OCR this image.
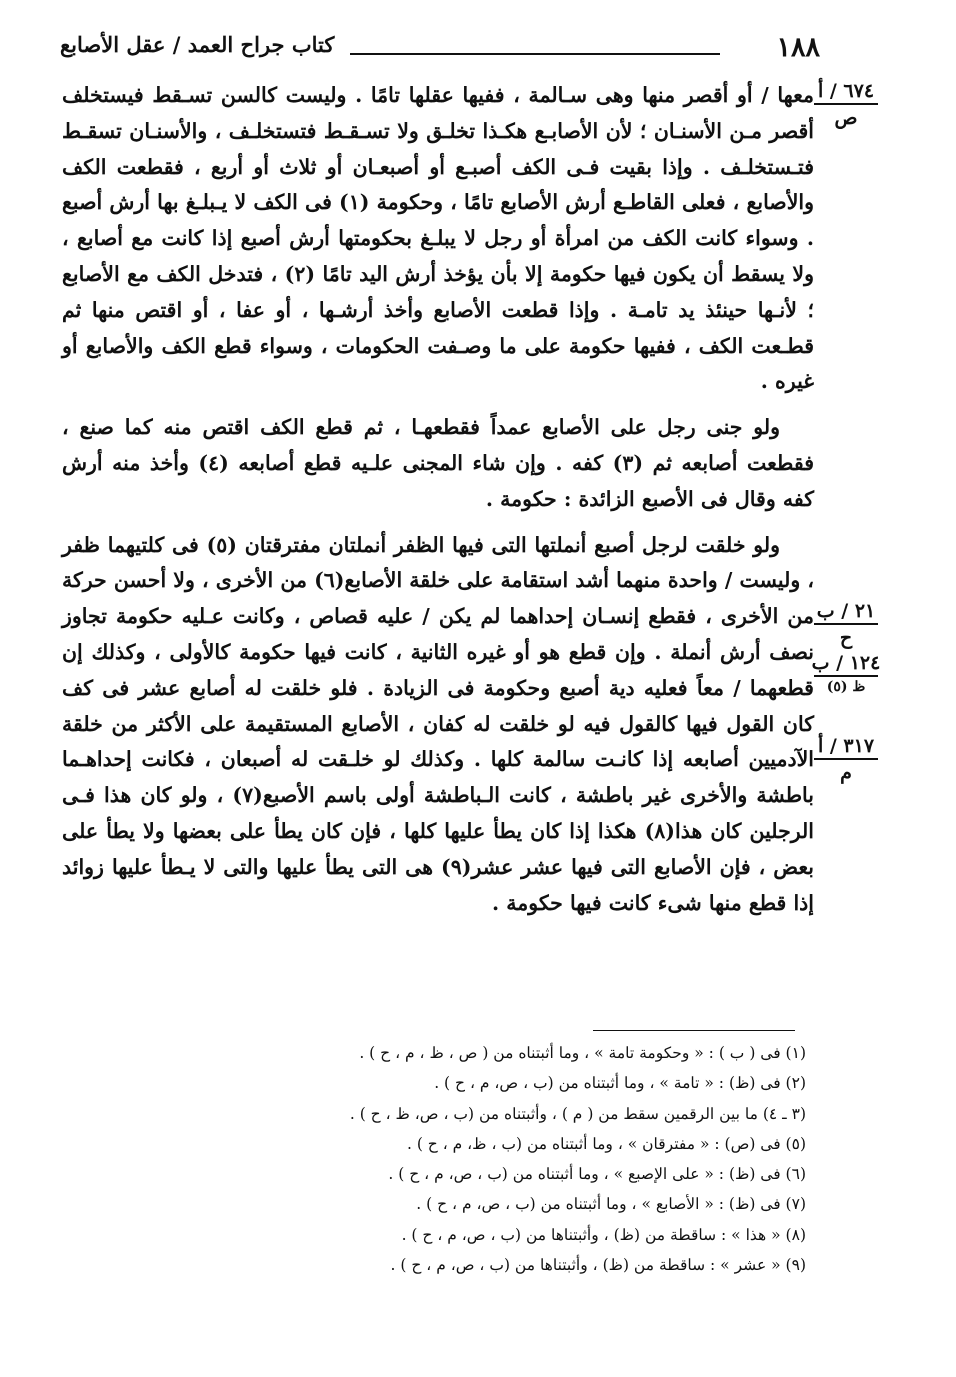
١٨٨
كتاب جراح العمد / عقل الأصابع

معها / أو أقصر منها وهى سـالمة ، ففيها عقلها تامًا . وليست كالسن تسـقط فيستخلف أقصر مـن الأسنـان ؛ لأن الأصابـع هكـذا تخلـق ولا تسـقـط فتستخلـف ، والأسنـان تسقـط فتـستخلـف . وإذا بقيت فـى الكف أصبـع أو أصبعـان أو ثلاث أو أربع ، فقطعت الكف والأصابع ، فعلى القاطـع أرش الأصابع تامًا ، وحكومة (١) فى الكف لا يـبلـغ بها أرش أصبع . وسواء كانت الكف من امرأة أو رجل لا يبلـغ بحكومتها أرش أصبع إذا كانت مع أصابع ، ولا يسقط أن يكون فيها حكومة إلا بأن يؤخذ أرش اليد تامًا (٢) ، فتدخل الكف مع الأصابع ؛ لأنـها حينئذ يد تامـة . وإذا قطعت الأصابع وأخذ أرشـها ، أو عفا ، أو اقتص منها ثم قطـعت الكف ، ففيها حكومة على ما وصـفت الحكومات ، وسواء قطع الكف والأصابع أو غيره .

ولو جنى رجل على الأصابع عمداً فقطعهـا ، ثم قطع الكف اقتص منه كما صنع ، فقطعت أصابعه ثم (٣) كفه . وإن شاء المجنى علـيه قطع أصابعه (٤) وأخذ منه أرش كفه وقال فى الأصبع الزائدة : حكومة .

ولو خلقت لرجل أصبع أنملتها التى فيها الظفر أنملتان مفترقتان (٥) فى كلتيهما ظفر ، وليست / واحدة منهما أشد استقامة على خلقة الأصابع(٦) من الأخرى ، ولا أحسن حركة من الأخرى ، فقطع إنسـان إحداهما لم يكن / عليه قصاص ، وكانت عـليه حكومة تجاوز نصف أرش أنملة . وإن قطع هو أو غيره الثانية ، كانت فيها حكومة كالأولى ، وكذلك إن قطعهما / معاً فعليه دية أصبع وحكومة فى الزيادة . فلو خلقت له أصابع عشر فى كف كان القول فيها كالقول فيه لو خلقت له كفان ، الأصابع المستقيمة على الأكثر من خلقة الآدميين أصابعه إذا كانـت سالمة كلها . وكذلك لو خلـقت له أصبعان ، فكانت إحداهـما باطشة والأخرى غير باطشة ، كانت الـباطشة أولى باسم الأصبع(٧) ، ولو كان هذا فـى الرجلين كان هذا(٨) هكذا إذا كان يطأ عليها كلها ، فإن كان يطأ على بعضها ولا يطأ على بعض ، فإن الأصابع التى فيها عشر عشر(٩) هى التى يطأ عليها والتى لا يـطأ عليها زوائد إذا قطع منها شىء كانت فيها حكومة .

٦٧٤ / أ
ص
٢١ / ب
ح
١٢٤ / ب
ظ (٥)
٣١٧ / أ
م
(١) فى ( ب ) : « وحكومة تامة » ، وما أثبتناه من ( ص ، ظ ، م ، ح ) .
(٢) فى (ظ) : « تامة » ، وما أثبتناه من (ب ، ص، م ، ح ) .
(٣ ـ ٤) ما بين الرقمين سقط من ( م ) ، وأثبتناه من (ب ، ص، ظ ، ح ) .
(٥) فى (ص) : « مفترقان » ، وما أثبتناه من (ب ، ظ، م ، ح ) .
(٦) فى (ظ) : « على الإصبع » ، وما أثبتناه من (ب ، ص، م ، ح ) .
(٧) فى (ظ) : « الأصابع » ، وما أثبتناه من (ب ، ص، م ، ح ) .
(٨) « هذا » : ساقطة من (ظ) ، وأثبتناها من (ب ، ص، م ، ح ) .
(٩) « عشر » : ساقطة من (ظ) ، وأثبتناها من (ب ، ص، م ، ح ) .
